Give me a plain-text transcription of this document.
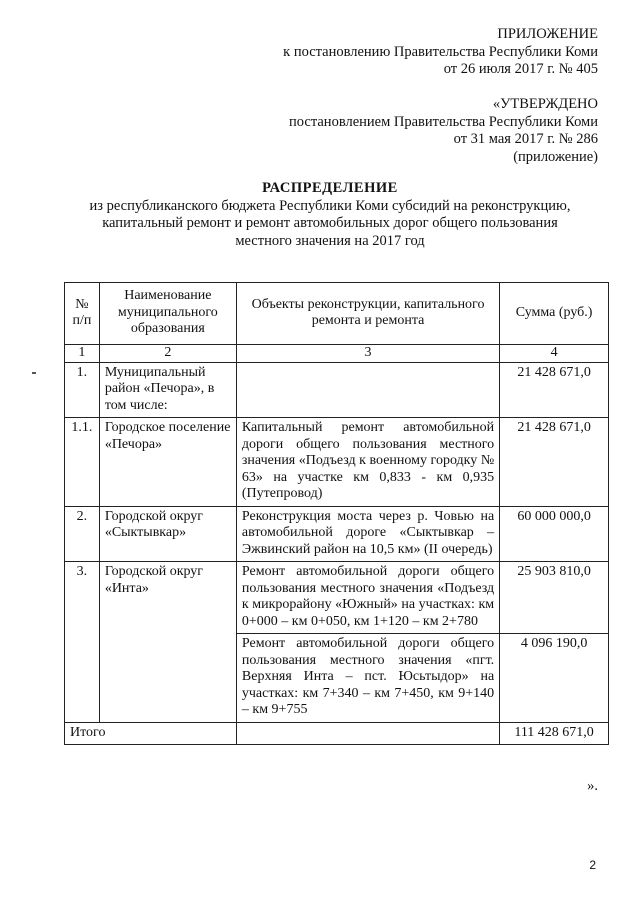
ПРИЛОЖЕНИЕ
к постановлению Правительства Республики Коми
от 26 июля 2017 г. № 405
«УТВЕРЖДЕНО
постановлением Правительства Республики Коми
от 31 мая 2017 г. № 286
(приложение)
РАСПРЕДЕЛЕНИЕ
из республиканского бюджета Республики Коми субсидий на реконструкцию,
капитальный ремонт и ремонт автомобильных дорог общего пользования
местного значения на 2017 год
№ п/п	Наименование муниципального образования	Объекты реконструкции, капитального ремонта и ремонта	Сумма (руб.)
1	2	3	4
1.	Муниципальный район «Печора», в том числе:		21 428 671,0
1.1.	Городское поселение «Печора»	Капитальный ремонт автомобильной дороги общего пользования местного значения «Подъезд к военному городку № 63» на участке км 0,833 - км 0,935 (Путепровод)	21 428 671,0
2.	Городской округ «Сыктывкар»	Реконструкция моста через р. Човью на автомобильной дороге «Сыктывкар – Эжвинский район на 10,5 км» (II очередь)	60 000 000,0
3.	Городской округ «Инта»	Ремонт автомобильной дороги общего пользования местного значения «Подъезд к микрорайону «Южный» на участках: км 0+000 – км 0+050, км 1+120 – км 2+780	25 903 810,0
		Ремонт автомобильной дороги общего пользования местного значения «пгт. Верхняя Инта – пст. Юсьтыдор» на участках: км 7+340 – км 7+450, км 9+140 – км 9+755	4 096 190,0
Итого			111 428 671,0
».
2
